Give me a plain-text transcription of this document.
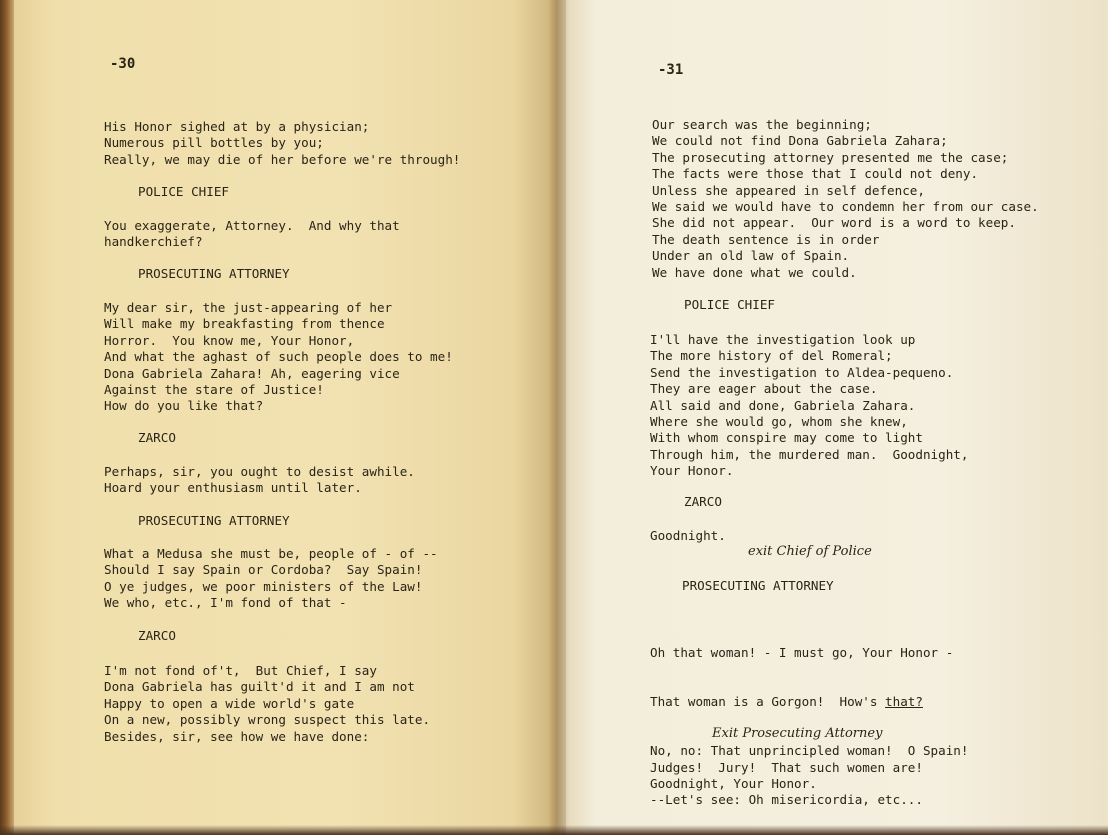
-30
His Honor sighed at by a physician;
Numerous pill bottles by you;
Really, we may die of her before we're through!
POLICE CHIEF
You exaggerate, Attorney.  And why that
handkerchief?
PROSECUTING ATTORNEY
My dear sir, the just-appearing of her
Will make my breakfasting from thence
Horror.  You know me, Your Honor,
And what the aghast of such people does to me!
Dona Gabriela Zahara! Ah, eagering vice
Against the stare of Justice!
How do you like that?
ZARCO
Perhaps, sir, you ought to desist awhile.
Hoard your enthusiasm until later.
PROSECUTING ATTORNEY
What a Medusa she must be, people of - of --
Should I say Spain or Cordoba?  Say Spain!
O ye judges, we poor ministers of the Law!
We who, etc., I'm fond of that -
ZARCO
I'm not fond of't,  But Chief, I say
Dona Gabriela has guilt'd it and I am not
Happy to open a wide world's gate
On a new, possibly wrong suspect this late.
Besides, sir, see how we have done:
-31
Our search was the beginning;
We could not find Dona Gabriela Zahara;
The prosecuting attorney presented me the case;
The facts were those that I could not deny.
Unless she appeared in self defence,
We said we would have to condemn her from our case.
She did not appear.  Our word is a word to keep.
The death sentence is in order
Under an old law of Spain.
We have done what we could.
POLICE CHIEF
I'll have the investigation look up
The more history of del Romeral;
Send the investigation to Aldea-pequeno.
They are eager about the case.
All said and done, Gabriela Zahara.
Where she would go, whom she knew,
With whom conspire may come to light
Through him, the murdered man.  Goodnight,
Your Honor.
ZARCO
Goodnight.
exit Chief of Police
PROSECUTING ATTORNEY

Oh that woman! - I must go, Your Honor -

That woman is a Gorgon!  How's that?

No, no: That unprincipled woman!  O Spain!
Judges!  Jury!  That such women are!
Goodnight, Your Honor.
--Let's see: Oh misericordia, etc...

Exit Prosecuting Attorney
